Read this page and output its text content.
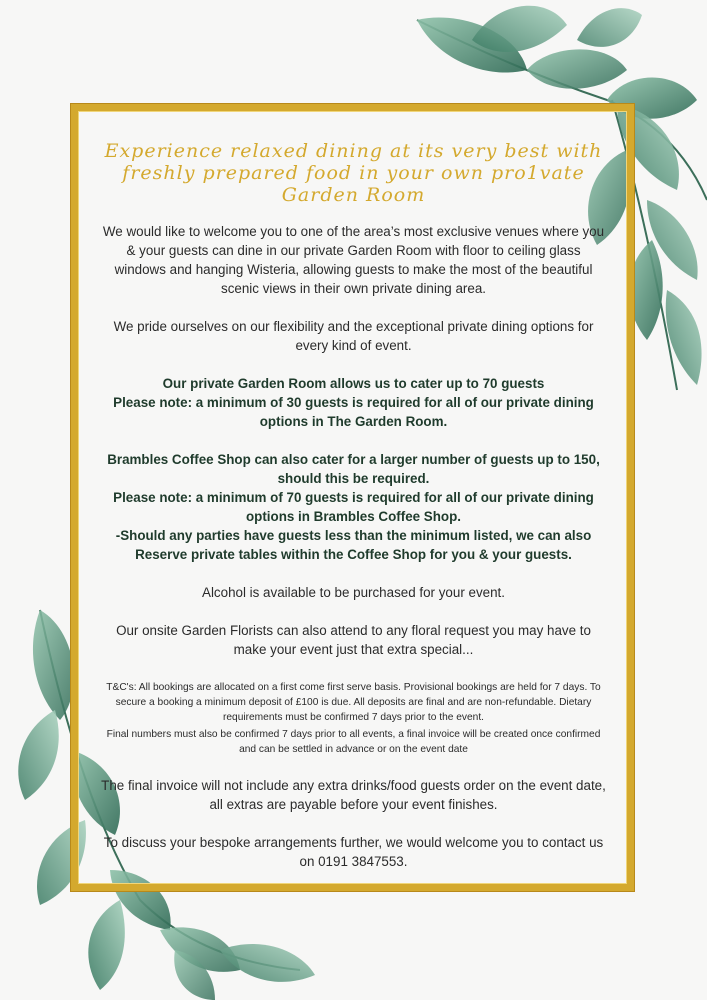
Experience relaxed dining at its very best with freshly prepared food in your own pro1vate Garden Room

We would like to welcome you to one of the area’s most exclusive venues where you & your guests can dine in our private Garden Room with floor to ceiling glass windows and hanging Wisteria, allowing guests to make the most of the beautiful scenic views in their own private dining area.

We pride ourselves on our flexibility and the exceptional private dining options for every kind of event.

Our private Garden Room allows us to cater up to 70 guests

Please note: a minimum of 30 guests is required for all of our private dining options in The Garden Room.

Brambles Coffee Shop can also cater for a larger number of guests up to 150, should this be required.

Please note: a minimum of 70 guests is required for all of our private dining options in Brambles Coffee Shop.

-Should any parties have guests less than the minimum listed, we can also Reserve private tables within the Coffee Shop for you & your guests.

Alcohol is available to be purchased for your event.

Our onsite Garden Florists can also attend to any floral request you may have to make your event just that extra special...

T&C's: All bookings are allocated on a first come first serve basis. Provisional bookings are held for 7 days. To secure a booking a minimum deposit of £100 is due. All deposits are final and are non-refundable. Dietary requirements must be confirmed 7 days prior to the event.

Final numbers must also be confirmed 7 days prior to all events, a final invoice will be created once confirmed and can be settled in advance or on the event date

The final invoice will not include any extra drinks/food guests order on the event date, all extras are payable before your event finishes.

To discuss your bespoke arrangements further, we would welcome you to contact us on 0191 3847553.
